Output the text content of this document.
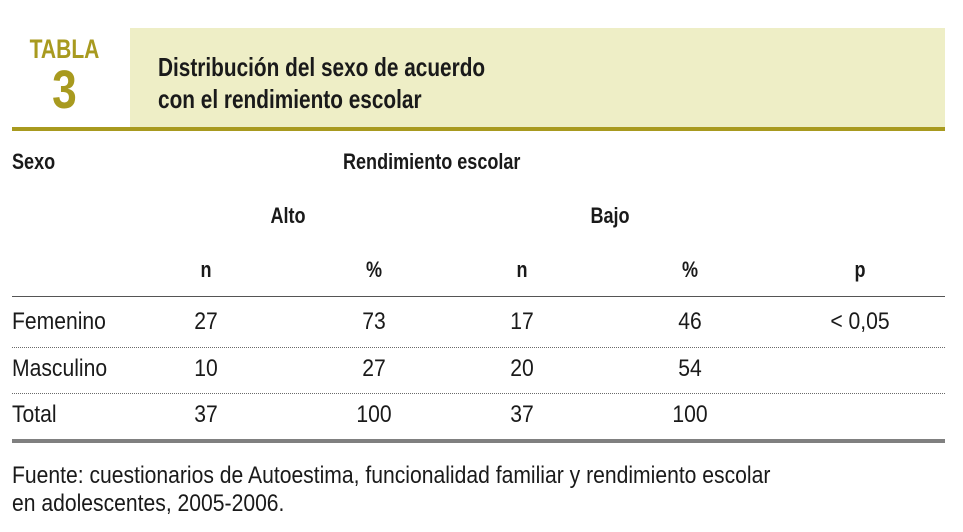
TABLA
3	Distribución del sexo de acuerdo
con el rendimiento escolar
Sexo	Rendimiento escolar
Alto	Bajo
n	%	n	%	p
Femenino	27	73	17	46	< 0,05
Masculino	10	27	20	54
Total	37	100	37	100
Fuente: cuestionarios de Autoestima, funcionalidad familiar y rendimiento escolar
en adolescentes, 2005-2006.
